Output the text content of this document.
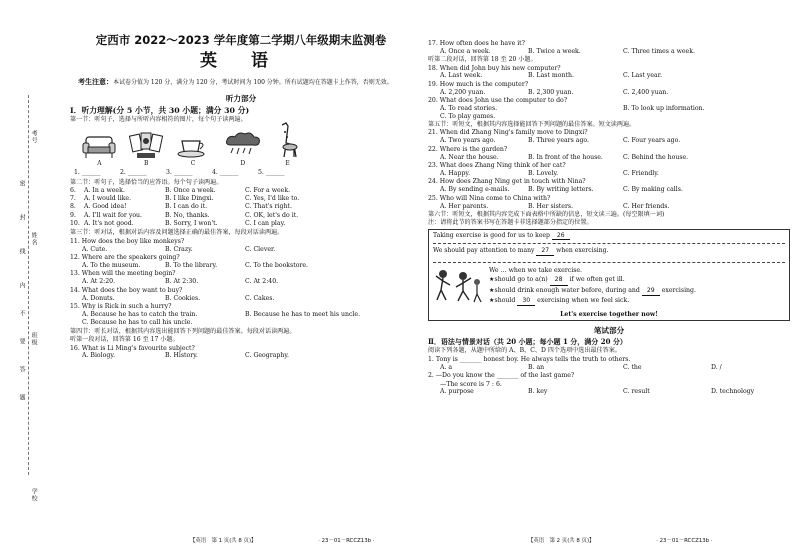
考号
姓名
班级
学校
密
封
线
内
不
要
答
题
定西市 2022～2023 学年度第二学期八年级期末监测卷
英 语
考生注意：本试卷分值为 120 分，满分为 120 分，考试时间为 100 分钟。所有试题均在答题卡上作答，否则无效。
听力部分
Ⅰ．听力理解(分 5 小节，共 30 小题；满分 30 分)
第一节：听句子，选择与所听内容相符的图片，每个句子读两遍。
A	B	C	D	E
1. ______	2. ______	3. ______	4. ______	5. ______
第二节：听句子，选择恰当的应答语。每个句子读两遍。
6.	A. In a week.	B. Once a week.	C. For a week.
7.	A. I would like.	B. I like Dingxi.	C. Yes, I'd like to.
8.	A. Good idea!	B. I can do it.	C. That's right.
9.	A. I'll wait for you.	B. No, thanks.	C. OK, let's do it.
10. A. It's not good.	B. Sorry, I won't.	C. I can play.
第三节：听对话，根据对话内容及问题选择正确的最佳答案，每段对话读两遍。
11. How does the boy like monkeys?
A. Cute.	B. Crazy.	C. Clever.
12. Where are the speakers going?
A. To the museum.	B. To the library.	C. To the bookstore.
13. When will the meeting begin?
A. At 2:20.	B. At 2:30.	C. At 2:40.
14. What does the boy want to buy?
A. Donuts.	B. Cookies.	C. Cakes.
15. Why is Rick in such a hurry?
A. Because he has to catch the train.	B. Because he has to meet his uncle.
C. Because he has to call his uncle.
第四节：听长对话，根据其内容选出能回答下列问题的最佳答案。每段对话读两遍。
听第一段对话，回答第 16 至 17 小题。
16. What is Li Ming's favourite subject?
A. Biology.	B. History.	C. Geography.
【英语　第 1 页(共 8 页)】	· 23－01－RCCZ13b ·
17. How often does he have it?
A. Once a week.	B. Twice a week.	C. Three times a week.
听第二段对话，回答第 18 至 20 小题。
18. When did John buy his new computer?
A. Last week.	B. Last month.	C. Last year.
19. How much is the computer?
A. 2,200 yuan.	B. 2,300 yuan.	C. 2,400 yuan.
20. What does John use the computer to do?
A. To read stories.	B. To look up information.
C. To play games.
第五节：听短文，根据其内容选择能回答下列问题的最佳答案。短文读两遍。
21. When did Zhang Ning's family move to Dingxi?
A. Two years ago.	B. Three years ago.	C. Four years ago.
22. Where is the garden?
A. Near the house.	B. In front of the house.	C. Behind the house.
23. What does Zhang Ning think of her cat?
A. Happy.	B. Lovely.	C. Friendly.
24. How does Zhang Ning get in touch with Nina?
A. By sending e-mails.	B. By writing letters.	C. By making calls.
25. Who will Nina come to China with?
A. Her parents.	B. Her sisters.	C. Her friends.
第六节：听短文，根据其内容完成下面表格中所缺的信息，短文读三遍。(每空限填一词)
注：请将此节的答案书写在答题卡非选择题部分指定的位置。
Taking exercise is good for us to keep 26
We should pay attention to many 27 when exercising.
We … when we take exercise.
★should go to a(n) 28 if we often get ill.
★should drink enough water before, during and 29 exercising.
★should 30 exercising when we feel sick.
Let's exercise together now!
笔试部分
Ⅱ．语法与情景对话（共 20 小题；每小题 1 分，满分 20 分）
阅读下列各题，从题中所给的 A、B、C、D 四个选项中选出最佳答案。
1. Tony is _______ honest boy. He always tells the truth to others.
A. a	B. an	C. the	D. /
2. —Do you know the _______ of the last game?
—The score is 7 : 6.
A. purpose	B. key	C. result	D. technology
【英语　第 2 页(共 8 页)】	· 23－01－RCCZ13b ·
